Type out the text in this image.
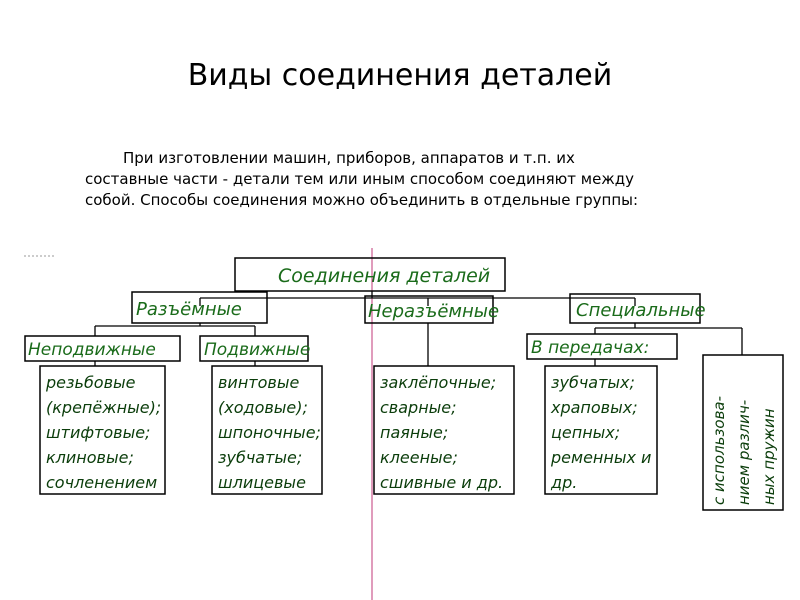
Виды соединения деталей
При изготовлении машин, приборов, аппаратов и т.п. их
составные части - детали тем или иным способом соединяют между
собой. Способы соединения можно объединить в отдельные группы:
Соединения деталей
Разъёмные	Неразъёмные	Специальные
Неподвижные	Подвижные	В передачах:
резьбовые
(крепёжные);
штифтовые;
клиновые;
сочленением
винтовые
(ходовые);
шпоночные;
зубчатые;
шлицевые
заклёпочные;
сварные;
паяные;
клееные;
сшивные и др.
зубчатых;
храповых;
цепных;
ременных и
др.	с использова- нием различ- ных пружин
